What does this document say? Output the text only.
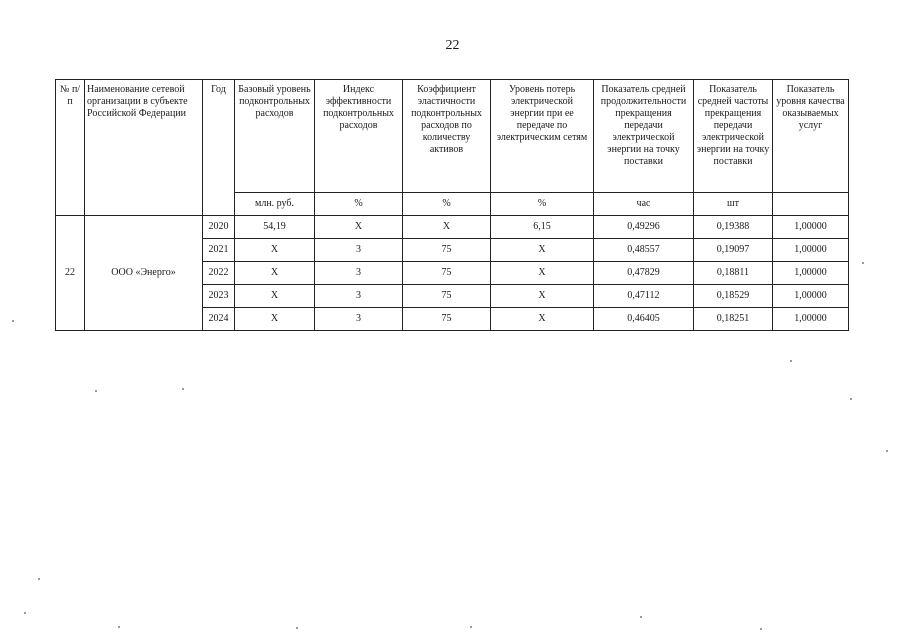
22
№ п/п	Наименование сетевой организации в субъекте Российской Федерации	Год	Базовый уровень подконтрольных расходов	Индекс эффективности подконтрольных расходов	Коэффициент эластичности подконтрольных расходов по количеству активов	Уровень потерь электрической энергии при ее передаче по электрическим сетям	Показатель средней продолжительности прекращения передачи электрической энергии на точку поставки	Показатель средней частоты прекращения передачи электрической энергии на точку поставки	Показатель уровня качества оказываемых услуг
			млн. руб.	%	%	%	час	шт	
22	ООО «Энерго»	2020	54,19	X	X	6,15	0,49296	0,19388	1,00000
		2021	X	3	75	X	0,48557	0,19097	1,00000
		2022	X	3	75	X	0,47829	0,18811	1,00000
		2023	X	3	75	X	0,47112	0,18529	1,00000
		2024	X	3	75	X	0,46405	0,18251	1,00000
